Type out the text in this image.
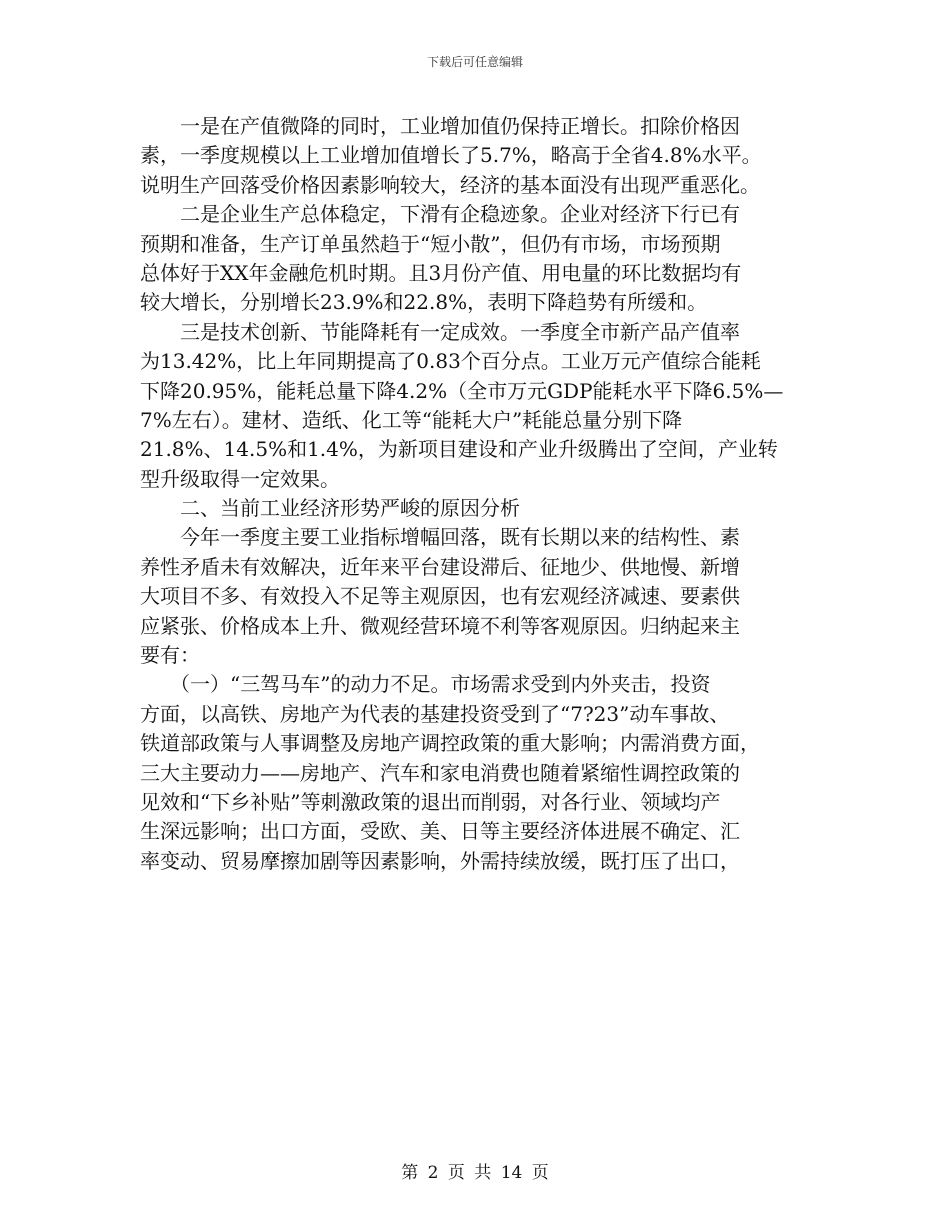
下载后可任意编辑
　　一是在产值微降的同时，工业增加值仍保持正增长。扣除价格因
素，一季度规模以上工业增加值增长了5.7%，略高于全省4.8%水平。
说明生产回落受价格因素影响较大，经济的基本面没有出现严重恶化。
　　二是企业生产总体稳定，下滑有企稳迹象。企业对经济下行已有
预期和准备，生产订单虽然趋于“短小散”，但仍有市场，市场预期
总体好于XX年金融危机时期。且3月份产值、用电量的环比数据均有
较大增长，分别增长23.9%和22.8%，表明下降趋势有所缓和。
　　三是技术创新、节能降耗有一定成效。一季度全市新产品产值率
为13.42%，比上年同期提高了0.83个百分点。工业万元产值综合能耗
下降20.95%，能耗总量下降4.2%（全市万元GDP能耗水平下降6.5%—
7%左右）。建材、造纸、化工等“能耗大户”耗能总量分别下降
21.8%、14.5%和1.4%，为新项目建设和产业升级腾出了空间，产业转
型升级取得一定效果。
　　二、当前工业经济形势严峻的原因分析
　　今年一季度主要工业指标增幅回落，既有长期以来的结构性、素
养性矛盾未有效解决，近年来平台建设滞后、征地少、供地慢、新增
大项目不多、有效投入不足等主观原因，也有宏观经济减速、要素供
应紧张、价格成本上升、微观经营环境不利等客观原因。归纳起来主
要有：
　　（一）“三驾马车”的动力不足。市场需求受到内外夹击，投资
方面，以高铁、房地产为代表的基建投资受到了“7?23”动车事故、
铁道部政策与人事调整及房地产调控政策的重大影响；内需消费方面，
三大主要动力——房地产、汽车和家电消费也随着紧缩性调控政策的
见效和“下乡补贴”等刺激政策的退出而削弱，对各行业、领域均产
生深远影响；出口方面，受欧、美、日等主要经济体进展不确定、汇
率变动、贸易摩擦加剧等因素影响，外需持续放缓，既打压了出口，
第 2 页 共 14 页
